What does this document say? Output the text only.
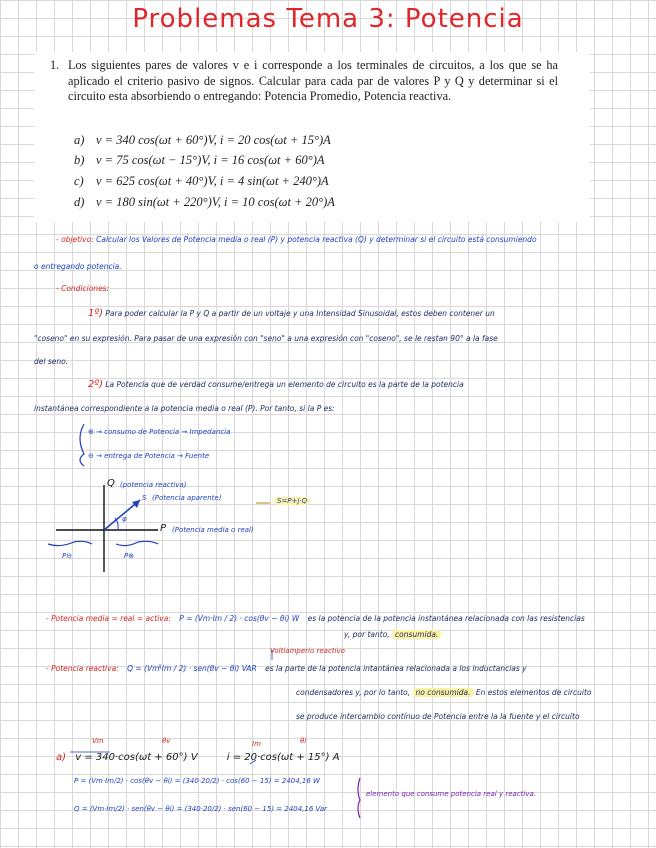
Problemas Tema 3: Potencia
1. Los siguientes pares de valores v e i corresponde a los terminales de circuitos, a los que se ha aplicado el criterio pasivo de signos. Calcular para cada par de valores P y Q y determinar si el circuito esta absorbiendo o entregando: Potencia Promedio, Potencia reactiva.
a) v = 340 cos(ωt + 60°)V, i = 20 cos(ωt + 15°)A
b) v = 75 cos(ωt − 15°)V, i = 16 cos(ωt + 60°)A
c) v = 625 cos(ωt + 40°)V, i = 4 sin(ωt + 240°)A
d) v = 180 sin(ωt + 220°)V, i = 10 cos(ωt + 20°)A
- objetivo: Calcular los Valores de Potencia media o real (P) y potencia reactiva (Q) y determinar si el circuito está consumiendo
o entregando potencia.
- Condiciones:
1º) Para poder calcular la P y Q a partir de un voltaje y una Intensidad Sinusoidal, estos deben contener un
"coseno" en su expresión. Para pasar de una expresión con "seno" a una expresión con "coseno", se le restan 90° a la fase
del seno.
2º) La Potencia que de verdad consume/entrega un elemento de circuito es la parte de la potencia
instantánea correspondiente a la potencia media o real (P). Por tanto, si la P es:
⊕ → consumo de Potencia → Impedancia
⊖ → entrega de Potencia → Fuente
Q (potencia reactiva)
S (Potencia aparente)	S=P+j·Q
φ
P (Potencia media o real)
P⊖	P⊕
- Potencia media = real = activa: P = (Vm·Im / 2) · cos(θv − θi) W es la potencia de la potencia instantánea relacionada con las resistencias
y, por tanto, consumida.
Voltiamperio reactivo
- Potencia reactiva: Q = (Vm·Im / 2) · sen(θv − θi) VAR es la parte de la potencia intantánea relacionada a los inductancias y
condensadores y, por lo tanto, no consumida. En estos elementos de circuito
se produce intercambio contínuo de Potencia entre la la fuente y el circuito
Vm	θv	Im	θi
a) v = 340·cos(ωt + 60°) V	i = 20·cos(ωt + 15°) A
P = (Vm·Im/2) · cos(θv − θi) = (340·20/2) · cos(60 − 15) = 2404,16 W
Q = (Vm·Im/2) · sen(θv − θi) = (340·20/2) · sen(60 − 15) = 2404,16 Var
elemento que consume potencia real y reactiva.
